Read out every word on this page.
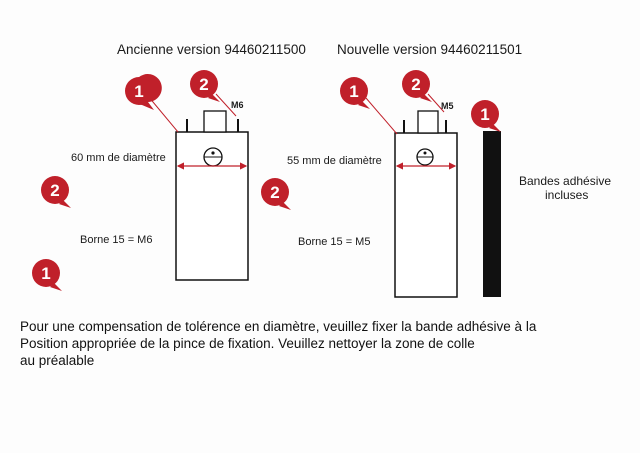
Ancienne version 94460211500 Nouvelle version 94460211501
1	2
2
1
2
1	2
1
M6	M5
60 mm de diamètre
Borne 15 = M6
55 mm de diamètre
Borne 15 = M5
Bandes adhésive
incluses
Pour une compensation de tolérence en diamètre, veuillez fixer la bande adhésive à la
Position appropriée de la pince de fixation. Veuillez nettoyer la zone de colle
au préalable
